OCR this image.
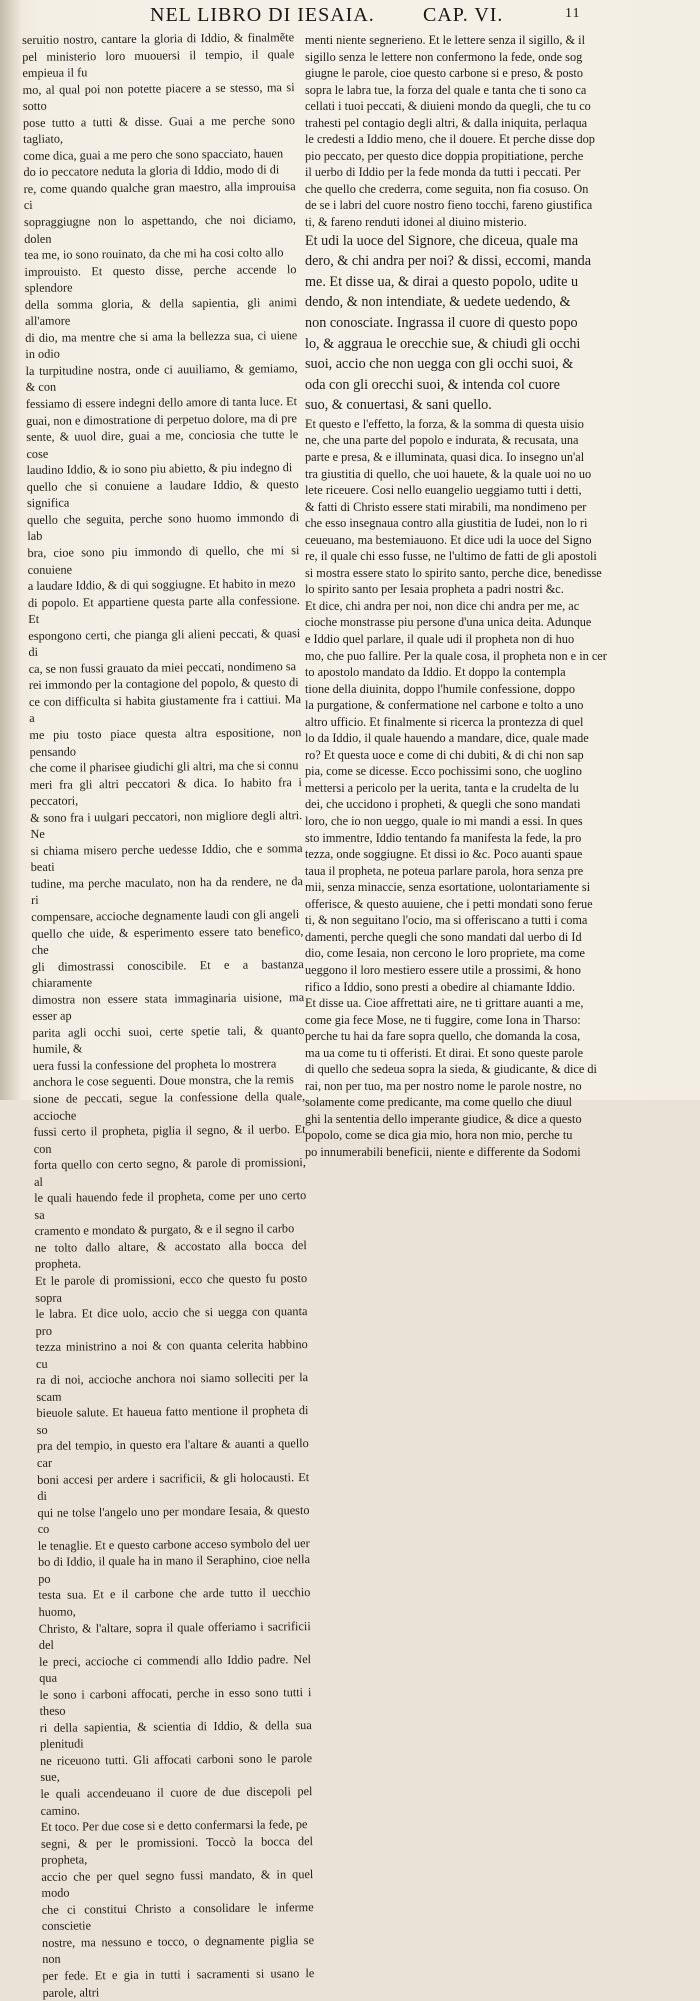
NEL LIBRO DI IESAIA. CAP. VI.	11
seruitio nostro, cantare la gloria di Iddio, & finalmẽte pel ministerio loro muouersi il tempio, il quale empieua il fu
mo, al qual poi non potette piacere a se stesso, ma si sotto
pose tutto a tutti & disse. Guai a me perche sono tagliato,
come dica, guai a me pero che sono spacciato, hauen
do io peccatore neduta la gloria di Iddio, modo di di
re, come quando qualche gran maestro, alla improuisa ci
sopraggiugne non lo aspettando, che noi diciamo, dolen
tea me, io sono rouinato, da che mi ha cosi colto allo
improuisto. Et questo disse, perche accende lo splendore
della somma gloria, & della sapientia, gli animi all'amore
di dio, ma mentre che si ama la bellezza sua, ci uiene in odio
la turpitudine nostra, onde ci auuiliamo, & gemiamo, & con
fessiamo di essere indegni dello amore di tanta luce. Et
guai, non e dimostratione di perpetuo dolore, ma di pre
sente, & uuol dire, guai a me, conciosia che tutte le cose
laudino Iddio, & io sono piu abietto, & piu indegno di
quello che si conuiene a laudare Iddio, & questo significa
quello che seguita, perche sono huomo immondo di lab
bra, cioe sono piu immondo di quello, che mi si conuiene
a laudare Iddio, & di qui soggiugne. Et habito in mezo
di popolo. Et appartiene questa parte alla confessione. Et
espongono certi, che pianga gli alieni peccati, & quasi di
ca, se non fussi grauato da miei peccati, nondimeno sa
rei immondo per la contagione del popolo, & questo di
ce con difficulta si habita giustamente fra i cattiui. Ma a
me piu tosto piace questa altra espositione, non pensando
che come il pharisee giudichi gli altri, ma che si connu
meri fra gli altri peccatori & dica. Io habito fra i peccatori,
& sono fra i uulgari peccatori, non migliore degli altri. Ne
si chiama misero perche uedesse Iddio, che e somma beati
tudine, ma perche maculato, non ha da rendere, ne da ri
compensare, accioche degnamente laudi con gli angeli
quello che uide, & esperimento essere tato benefico, che
gli dimostrassi conoscibile. Et e a bastanza chiaramente
dimostra non essere stata immaginaria uisione, ma esser ap
parita agli occhi suoi, certe spetie tali, & quanto humile, &
uera fussi la confessione del propheta lo mostrera
anchora le cose seguenti. Doue monstra, che la remis
sione de peccati, segue la confessione della quale, accioche
fussi certo il propheta, piglia il segno, & il uerbo. Et con
forta quello con certo segno, & parole di promissioni, al
le quali hauendo fede il propheta, come per uno certo sa
cramento e mondato & purgato, & e il segno il carbo
ne tolto dallo altare, & accostato alla bocca del propheta.
Et le parole di promissioni, ecco che questo fu posto sopra
le labra. Et dice uolo, accio che si uegga con quanta pro
tezza ministrino a noi & con quanta celerita habbino cu
ra di noi, accioche anchora noi siamo solleciti per la scam
bieuole salute. Et haueua fatto mentione il propheta di so
pra del tempio, in questo era l'altare & auanti a quello car
boni accesi per ardere i sacrificii, & gli holocausti. Et di
qui ne tolse l'angelo uno per mondare Iesaia, & questo co
le tenaglie. Et e questo carbone acceso symbolo del uer
bo di Iddio, il quale ha in mano il Seraphino, cioe nella po
testa sua. Et e il carbone che arde tutto il uecchio huomo,
Christo, & l'altare, sopra il quale offeriamo i sacrificii del
le preci, accioche ci commendi allo Iddio padre. Nel qua
le sono i carboni affocati, perche in esso sono tutti i theso
ri della sapientia, & scientia di Iddio, & della sua plenitudi
ne riceuono tutti. Gli affocati carboni sono le parole sue,
le quali accendeuano il cuore de due discepoli pel camino.
Et toco. Per due cose si e detto confermarsi la fede, pe
segni, & per le promissioni. Toccò la bocca del propheta,
accio che per quel segno fussi mandato, & in quel modo
che ci constitui Christo a consolidare le inferme conscietie
nostre, ma nessuno e tocco, o degnamente piglia se non
per fede. Et e gia in tutti i sacramenti si usano le parole, altri
menti niente segnerieno. Et le lettere senza il sigillo, & il
sigillo senza le lettere non confermono la fede, onde sog
giugne le parole, cioe questo carbone si e preso, & posto
sopra le labra tue, la forza del quale e tanta che ti sono ca
cellati i tuoi peccati, & diuieni mondo da quegli, che tu co
trahesti pel contagio degli altri, & dalla iniquita, perlaqua
le credesti a Iddio meno, che il douere. Et perche disse dop
pio peccato, per questo dice doppia propitiatione, perche
il uerbo di Iddio per la fede monda da tutti i peccati. Per
che quello che crederra, come seguita, non fia cosuso. On
de se i labri del cuore nostro fieno tocchi, fareno giustifica
ti, & fareno renduti idonei al diuino misterio.
Et udi la uoce del Signore, che diceua, quale ma
dero, & chi andra per noi? & dissi, eccomi, manda
me. Et disse ua, & dirai a questo popolo, udite u
dendo, & non intendiate, & uedete uedendo, &
non conosciate. Ingrassa il cuore di questo popo
lo, & aggraua le orecchie sue, & chiudi gli occhi
suoi, accio che non uegga con gli occhi suoi, &
oda con gli orecchi suoi, & intenda col cuore
suo, & conuertasi, & sani quello.
Et questo e l'effetto, la forza, & la somma di questa uisio
ne, che una parte del popolo e indurata, & recusata, una
parte e presa, & e illuminata, quasi dica. Io insegno un'al
tra giustitia di quello, che uoi hauete, & la quale uoi no uo
lete riceuere. Cosi nello euangelio ueggiamo tutti i detti,
& fatti di Christo essere stati mirabili, ma nondimeno per
che esso insegnaua contro alla giustitia de Iudei, non lo ri
ceueuano, ma bestemiauono. Et dice udi la uoce del Signo
re, il quale chi esso fusse, ne l'ultimo de fatti de gli apostoli
si mostra essere stato lo spirito santo, perche dice, benedisse
lo spirito santo per Iesaia propheta a padri nostri &c.
Et dice, chi andra per noi, non dice chi andra per me, ac
cioche monstrasse piu persone d'una unica deita. Adunque
e Iddio quel parlare, il quale udi il propheta non di huo
mo, che puo fallire. Per la quale cosa, il propheta non e in cer
to apostolo mandato da Iddio. Et doppo la contempla
tione della diuinita, doppo l'humile confessione, doppo
la purgatione, & confermatione nel carbone e tolto a uno
altro ufficio. Et finalmente si ricerca la prontezza di quel
lo da Iddio, il quale hauendo a mandare, dice, quale made
ro? Et questa uoce e come di chi dubiti, & di chi non sap
pia, come se dicesse. Ecco pochissimi sono, che uoglino
mettersi a pericolo per la uerita, tanta e la crudelta de lu
dei, che uccidono i propheti, & quegli che sono mandati
loro, che io non ueggo, quale io mi mandi a essi. In ques
sto immentre, Iddio tentando fa manifesta la fede, la pro
tezza, onde soggiugne. Et dissi io &c. Poco auanti spaue
taua il propheta, ne poteua parlare parola, hora senza pre
mii, senza minaccie, senza esortatione, uolontariamente si
offerisce, & questo auuiene, che i petti mondati sono ferue
ti, & non seguitano l'ocio, ma si offeriscano a tutti i coma
damenti, perche quegli che sono mandati dal uerbo di Id
dio, come Iesaia, non cercono le loro propriete, ma come
ueggono il loro mestiero essere utile a prossimi, & hono
rifico a Iddio, sono presti a obedire al chiamante Iddio.
Et disse ua. Cioe affrettati aire, ne ti grittare auanti a me,
come gia fece Mose, ne ti fuggire, come Iona in Tharso:
perche tu hai da fare sopra quello, che domanda la cosa,
ma ua come tu ti offeristi. Et dirai. Et sono queste parole
di quello che sedeua sopra la sieda, & giudicante, & dice di
rai, non per tuo, ma per nostro nome le parole nostre, no
solamente come predicante, ma come quello che diuul
ghi la sententia dello imperante giudice, & dice a questo
popolo, come se dica gia mio, hora non mio, perche tu
po innumerabili beneficii, niente e differente da Sodomi
